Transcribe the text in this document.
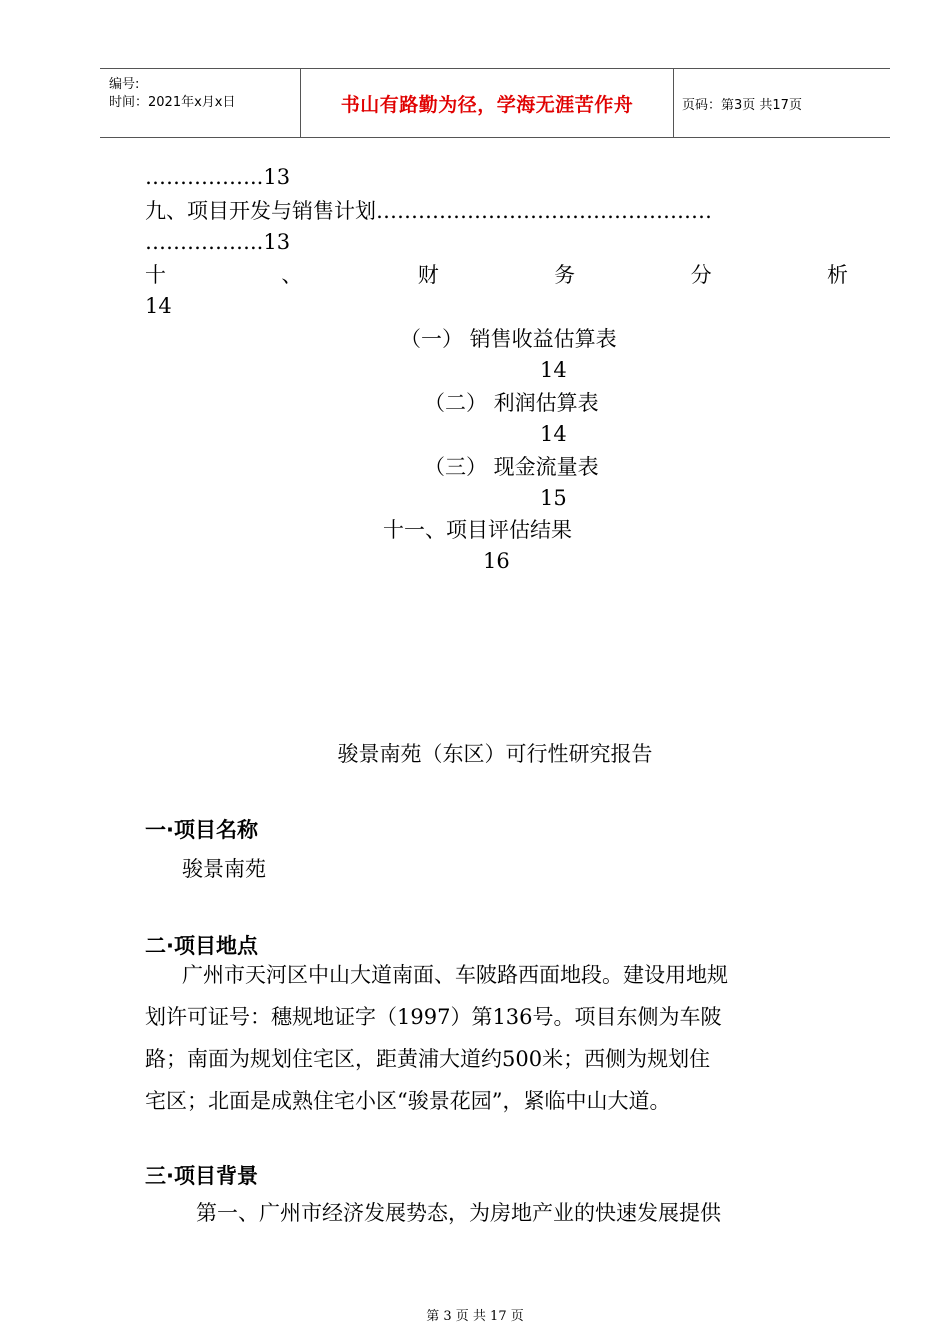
编号:
时间：2021年x月x日	书山有路勤为径，学海无涯苦作舟	页码：第3页 共17页
……………..13
九、项目开发与销售计划…………………………………………
……………..13
十	、	财	务	分	析
14
（一） 销售收益估算表
14
（二） 利润估算表
14
（三） 现金流量表
15
十一、项目评估结果
16
骏景南苑（东区）可行性研究报告
一·项目名称
骏景南苑
二·项目地点
广州市天河区中山大道南面、车陂路西面地段。建设用地规
划许可证号：穗规地证字（1997）第136号。项目东侧为车陂
路；南面为规划住宅区，距黄浦大道约500米；西侧为规划住
宅区；北面是成熟住宅小区“骏景花园”，紧临中山大道。
三·项目背景
第一、广州市经济发展势态，为房地产业的快速发展提供
第 3 页 共 17 页
